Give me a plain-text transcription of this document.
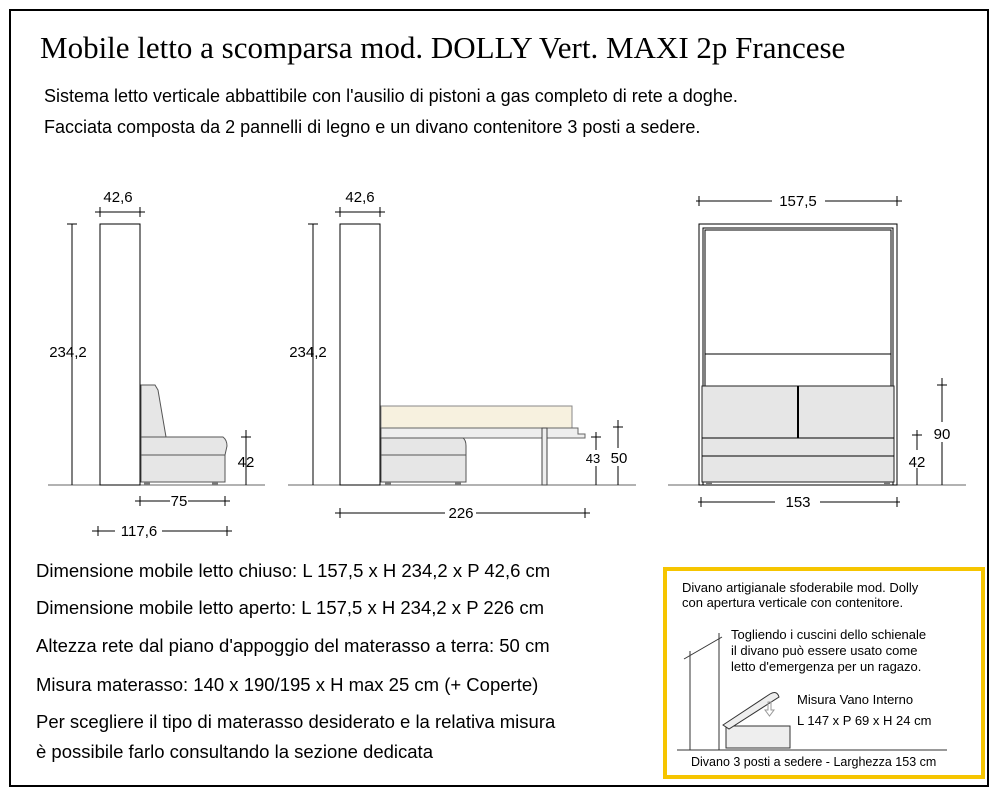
Mobile letto a scomparsa mod. DOLLY Vert. MAXI 2p Francese
Sistema letto verticale abbattibile con l'ausilio di pistoni a gas completo di rete a doghe.
Facciata composta da 2 pannelli di legno e un divano contenitore 3 posti a sedere.
42,6
234,2
42
75
117,6
42,6
234,2
43 50
226
157,5
153
42
90
Dimensione mobile letto chiuso: L 157,5 x H 234,2 x P 42,6 cm
Dimensione mobile letto aperto: L 157,5 x H 234,2 x P 226 cm
Altezza rete dal piano d'appoggio del materasso a terra: 50 cm
Misura materasso: 140 x 190/195 x H max 25 cm (+ Coperte)
Per scegliere il tipo di materasso desiderato e la relativa misura
è possibile farlo consultando la sezione dedicata
Divano artigianale sfoderabile mod. Dolly
con apertura verticale con contenitore.
Togliendo i cuscini dello schienale
il divano può essere usato come
letto d'emergenza per un ragazo.
Misura Vano Interno
L 147 x P 69 x H 24 cm
Divano 3 posti a sedere - Larghezza 153 cm
